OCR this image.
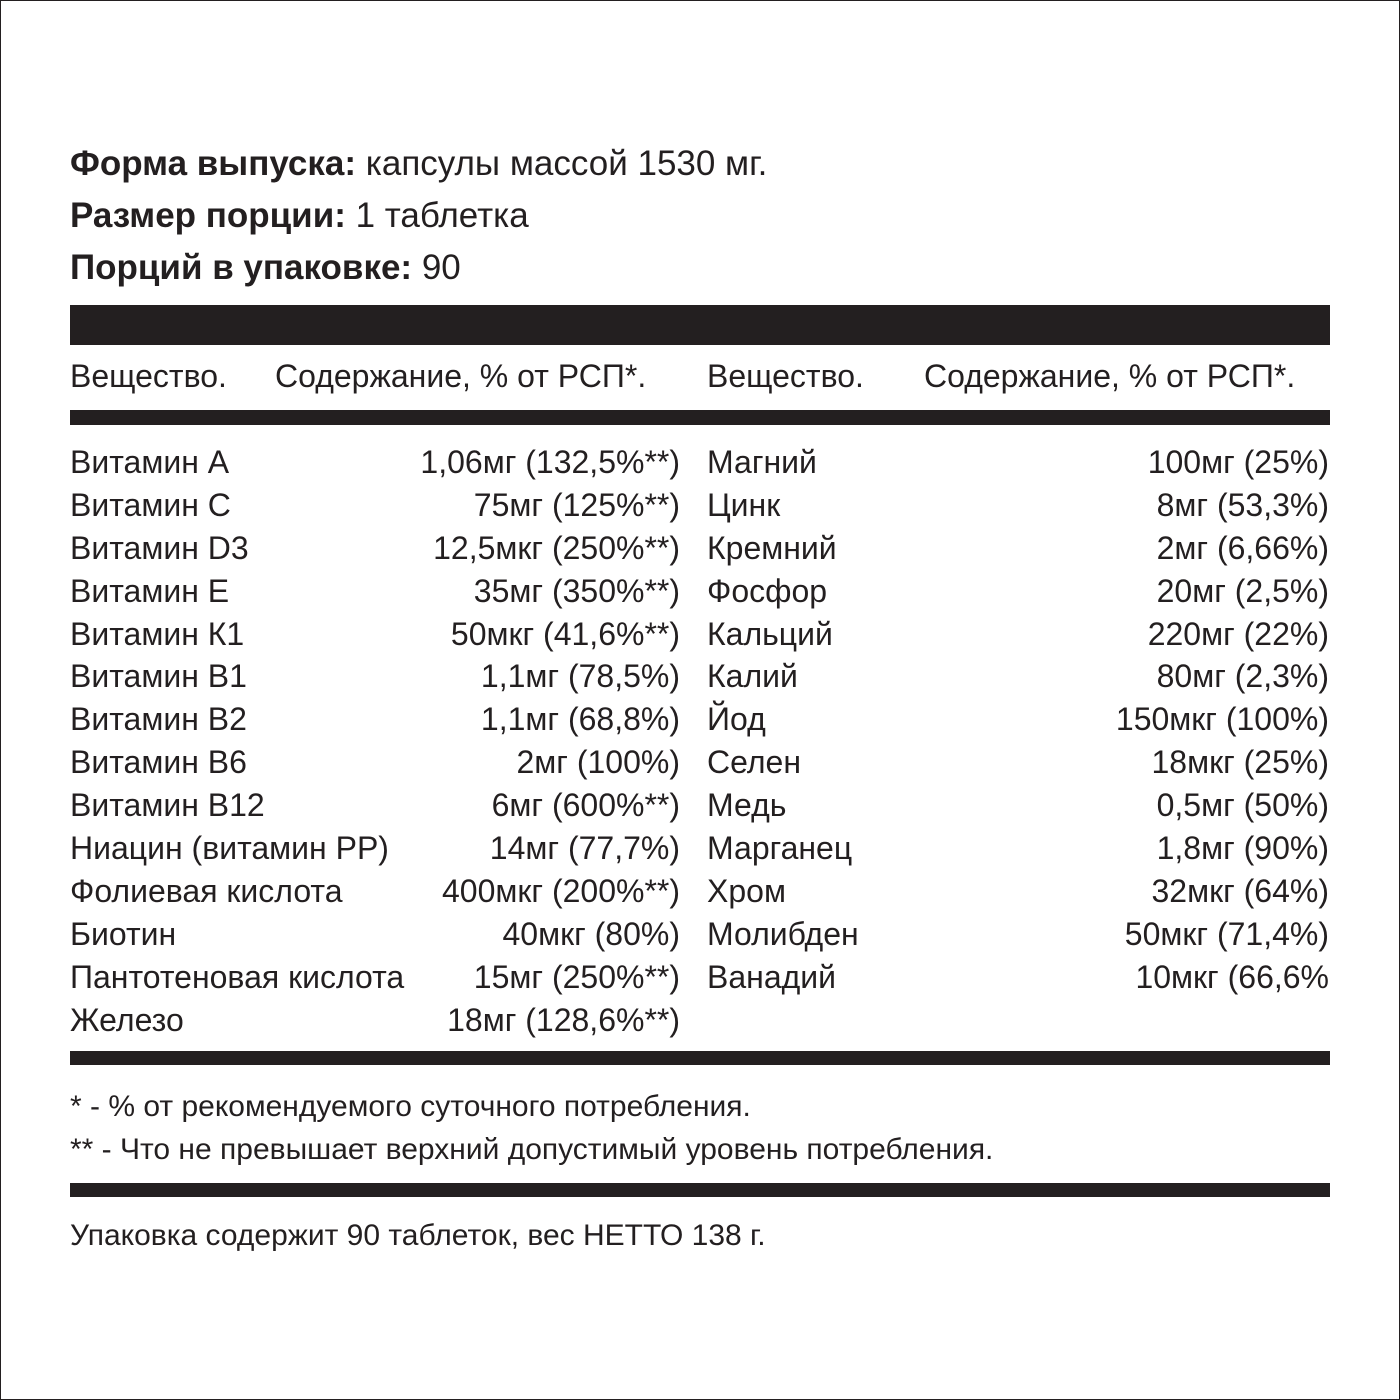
Форма выпуска: капсулы массой 1530 мг.
Размер порции: 1 таблетка
Порций в упаковке: 90
Вещество. Содержание, % от РСП*. Вещество. Содержание, % от РСП*.
Витамин А	1,06мг (132,5%**)
Витамин С	75мг (125%**)
Витамин D3	12,5мкг (250%**)
Витамин Е	35мг (350%**)
Витамин К1	50мкг (41,6%**)
Витамин В1	1,1мг (78,5%)
Витамин В2	1,1мг (68,8%)
Витамин В6	2мг (100%)
Витамин В12	6мг (600%**)
Ниацин (витамин РР)	14мг (77,7%)
Фолиевая кислота	400мкг (200%**)
Биотин	40мкг (80%)
Пантотеновая кислота 15мг (250%**)
Железо	18мг (128,6%**)
Магний	100мг (25%)
Цинк	8мг (53,3%)
Кремний	2мг (6,66%)
Фосфор	20мг (2,5%)
Кальций	220мг (22%)
Калий	80мг (2,3%)
Йод	150мкг (100%)
Селен	18мкг (25%)
Медь	0,5мг (50%)
Марганец	1,8мг (90%)
Хром	32мкг (64%)
Молибден	50мкг (71,4%)
Ванадий	10мкг (66,6%
* - % от рекомендуемого суточного потребления.
** - Что не превышает верхний допустимый уровень потребления.
Упаковка содержит 90 таблеток, вес НЕТТО 138 г.
